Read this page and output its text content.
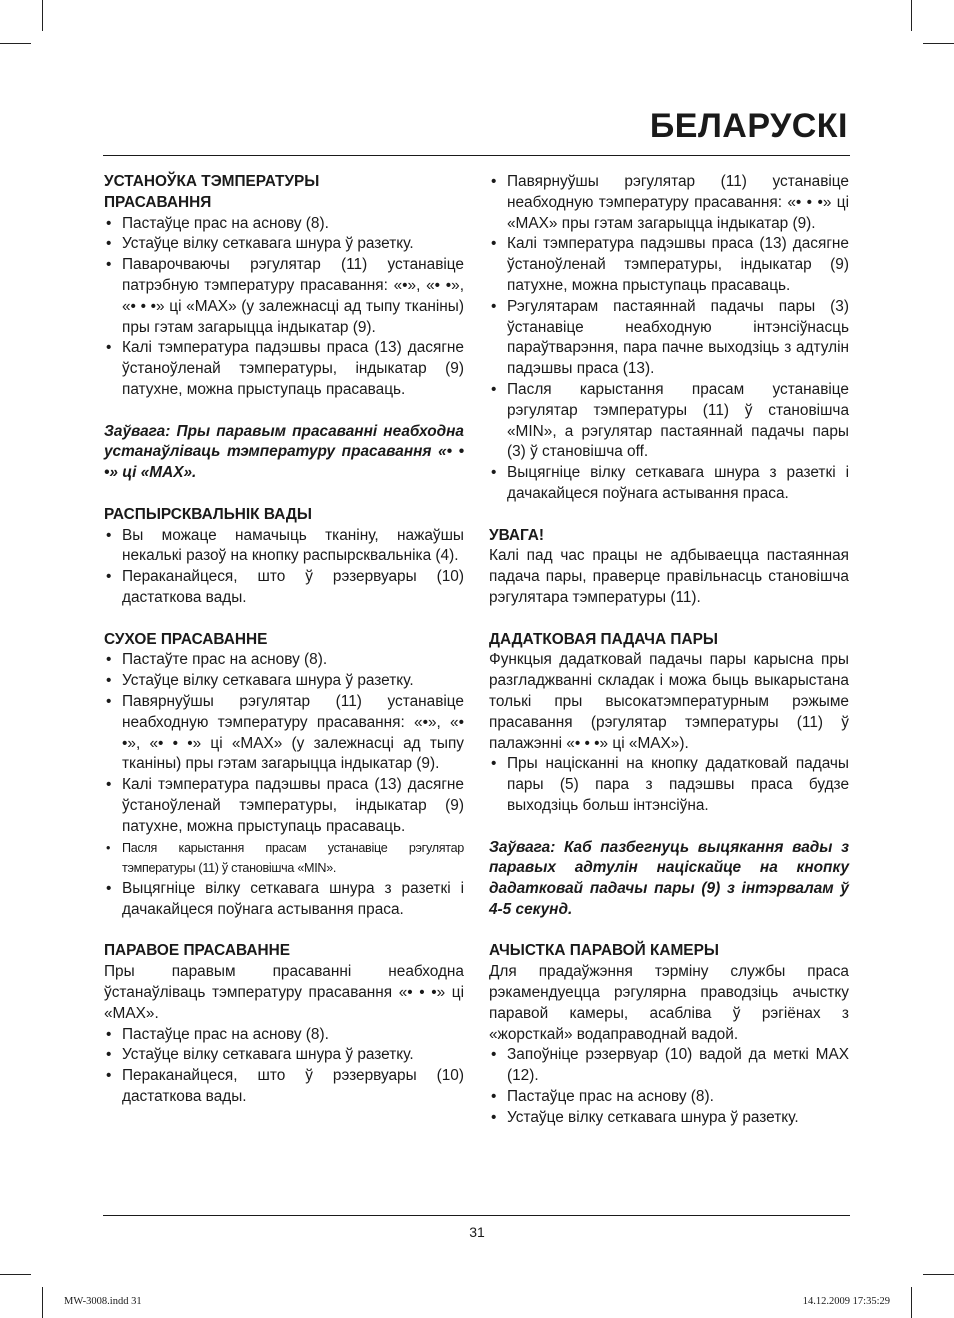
БЕЛАРУСКІ

УСТАНОЎКА ТЭМПЕРАТУРЫ

ПРАСАВАННЯ

• Пастаўце прас на аснову (8).
• Устаўце вілку сеткавага шнура ў разетку.
• Паварочваючы рэгулятар (11) устанавіце патрэбную тэмпературу прасавання: «•», «• •», «• • •» ці «MAX» (у залежнасці ад тыпу тканіны) пры гэтам загарыцца індыкатар (9).
• Калі тэмпература падэшвы праса (13) дасягне ўстаноўленай тэмпературы, індыкатар (9) патухне, можна прыступаць прасаваць.

Заўвага: Пры паравым прасаванні неабходна устанаўліваць тэмпературу прасавання «• • •» ці «MAX».

РАСПЫРСКВАЛЬНІК ВАДЫ

• Вы можаце намачыць тканіну, нажаўшы некалькі разоў на кнопку распырсквальніка (4).
• Пераканайцеся, што ў рэзервуары (10) дастаткова вады.

СУХОЕ ПРАСАВАННЕ

• Пастаўте прас на аснову (8).
• Устаўце вілку сеткавага шнура ў разетку.
• Павярнуўшы рэгулятар (11) устанавіце неабходную тэмпературу прасавання: «•», «• •», «• • •» ці «MAX» (у залежнасці ад тыпу тканіны) пры гэтам загарыцца індыкатар (9).
• Калі тэмпература падэшвы праса (13) дасягне ўстаноўленай тэмпературы, індыкатар (9) патухне, можна прыступаць прасаваць.
• Пасля карыстання прасам устанавіце рэгулятар тэмпературы (11) ў становішча «MIN».
• Выцягніце вілку сеткавага шнура з разеткі і дачакайцеся поўнага астывання праса.

ПАРАВОЕ ПРАСАВАННЕ

Пры паравым прасаванні неабходна ўстанаўліваць тэмпературу прасавання «• • •» ці «MAX».

• Пастаўце прас на аснову (8).
• Устаўце вілку сеткавага шнура ў разетку.
• Пераканайцеся, што ў рэзервуары (10) дастаткова вады.
• Павярнуўшы рэгулятар (11) устанавіце неабходную тэмпературу прасавання: «• • •» ці «MAX» пры гэтам загарыцца індыкатар (9).
• Калі тэмпература падэшвы праса (13) дасягне ўстаноўленай тэмпературы, індыкатар (9) патухне, можна прыступаць прасаваць.
• Рэгулятарам пастаяннай падачы пары (3) ўстанавіце неабходную інтэнсіўнасць параўтварэння, пара пачне выходзіць з адтулін падэшвы праса (13).
• Пасля карыстання прасам устанавіце рэгулятар тэмпературы (11) ў становішча «MIN», а рэгулятар пастаяннай падачы пары (3) ў становішча off.
• Выцягніце вілку сеткавага шнура з разеткі і дачакайцеся поўнага астывання праса.

УВАГА!

Калі пад час працы не адбываецца пастаянная падача пары, праверце правільнасць становішча рэгулятара тэмпературы (11).

ДАДАТКОВАЯ ПАДАЧА ПАРЫ

Функцыя дадатковай падачы пары карысна пры разгладжванні складак і можа быць выкарыстана толькі пры высокатэмпературным рэжыме прасавання (рэгулятар тэмпературы (11) ў палажэнні «• • •» ці «MAX»).

• Пры націсканні на кнопку дадатковай падачы пары (5) пара з падэшвы праса будзе выходзіць больш інтэнсіўна.

Заўвага: Каб пазбегнуць выцякання вады з паравых адтулін націскайце на кнопку дадатковай падачы пары (9) з інтэрвалам ў 4-5 секунд.

АЧЫСТКА ПАРАВОЙ КАМЕРЫ

Для прадаўжэння тэрміну службы праса рэкамендуецца рэгулярна праводзіць ачыстку паравой камеры, асабліва ў рэгіёнах з «жорсткай» водаправоднай вадой.

• Запоўніце рэзервуар (10) вадой да меткі MAX (12).
• Пастаўце прас на аснову (8).
• Устаўце вілку сеткавага шнура ў разетку.
31
MW-3008.indd 31	14.12.2009 17:35:29
